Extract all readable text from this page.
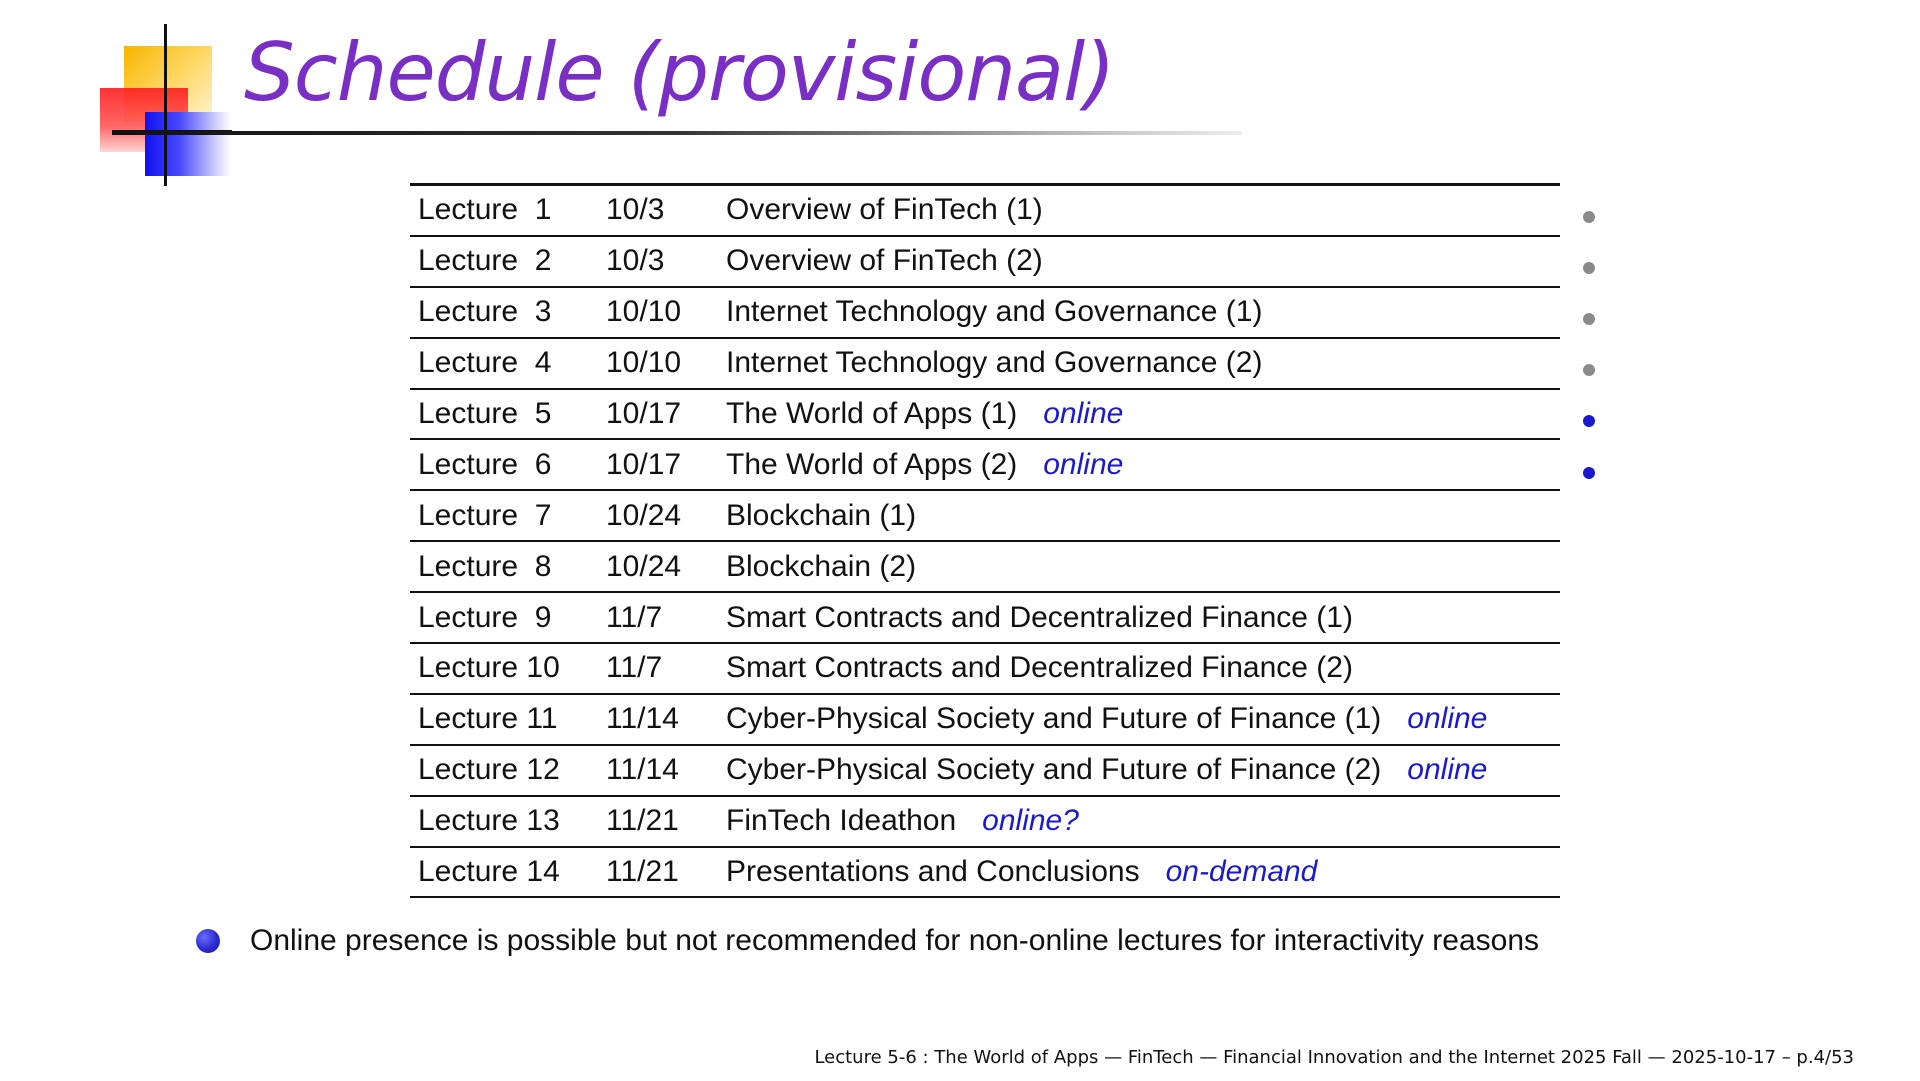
Schedule (provisional)
Lecture  1	10/3	Overview of FinTech (1)
Lecture  2	10/3	Overview of FinTech (2)
Lecture  3	10/10	Internet Technology and Governance (1)
Lecture  4	10/10	Internet Technology and Governance (2)
Lecture  5	10/17	The World of Apps (1) online
Lecture  6	10/17	The World of Apps (2) online
Lecture  7	10/24	Blockchain (1)
Lecture  8	10/24	Blockchain (2)
Lecture  9	11/7	Smart Contracts and Decentralized Finance (1)
Lecture 10	11/7	Smart Contracts and Decentralized Finance (2)
Lecture 11	11/14	Cyber-Physical Society and Future of Finance (1) online
Lecture 12	11/14	Cyber-Physical Society and Future of Finance (2) online
Lecture 13	11/21	FinTech Ideathon online?
Lecture 14	11/21	Presentations and Conclusions on-demand
Online presence is possible but not recommended for non-online lectures for interactivity reasons
Lecture 5-6 : The World of Apps — FinTech — Financial Innovation and the Internet 2025 Fall — 2025-10-17 – p.4/53
